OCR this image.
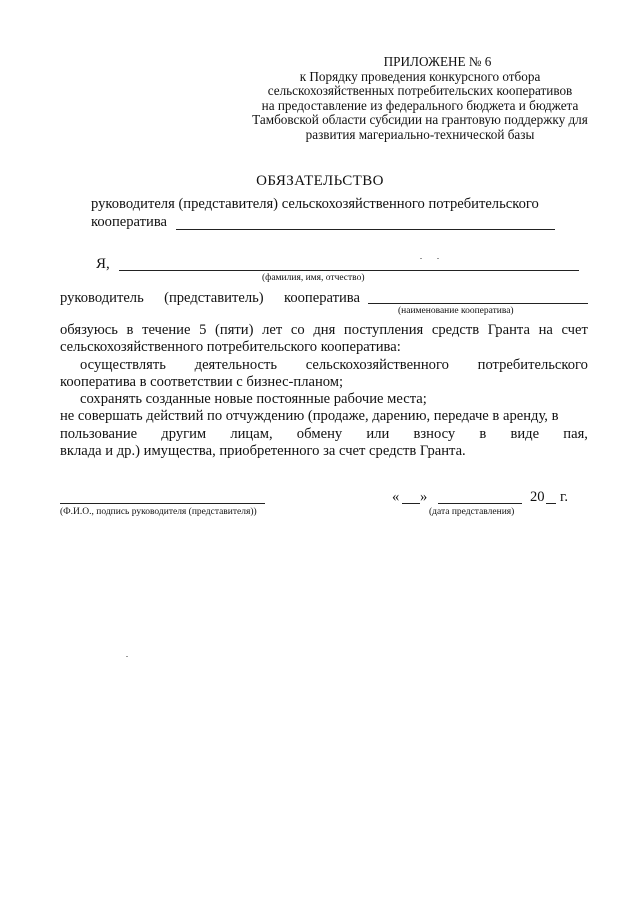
ПРИЛОЖЕНЕ № 6
к Порядку проведения конкурсного отбора
сельскохозяйственных потребительских кооперативов
на предоставление из федерального бюджета и бюджета
Тамбовской области субсидии на грантовую поддержку для
развития магериально-технической базы
ОБЯЗАТЕЛЬСТВО
руководителя (представителя) сельскохозяйственного потребительского
кооператива
Я,
(фамилия, имя, отчество)
руководитель (представитель) кооператива
(наименование кооператива)
обязуюсь в течение 5 (пяти) лет со дня поступления средств Гранта на счет
сельскохозяйственного потребительского кооператива:
осуществлять деятельность сельскохозяйственного потребительского
кооператива в соответствии с бизнес-планом;
сохранять созданные новые постоянные рабочие места;
не совершать действий по отчуждению (продаже, дарению, передаче в аренду, в
пользование другим лицам, обмену или взносу в виде пая,
вклада и др.) имущества, приобретенного за счет средств Гранта.
(Ф.И.О., подпись руководителя (представителя))
« »	20 г.
(дата представления)
